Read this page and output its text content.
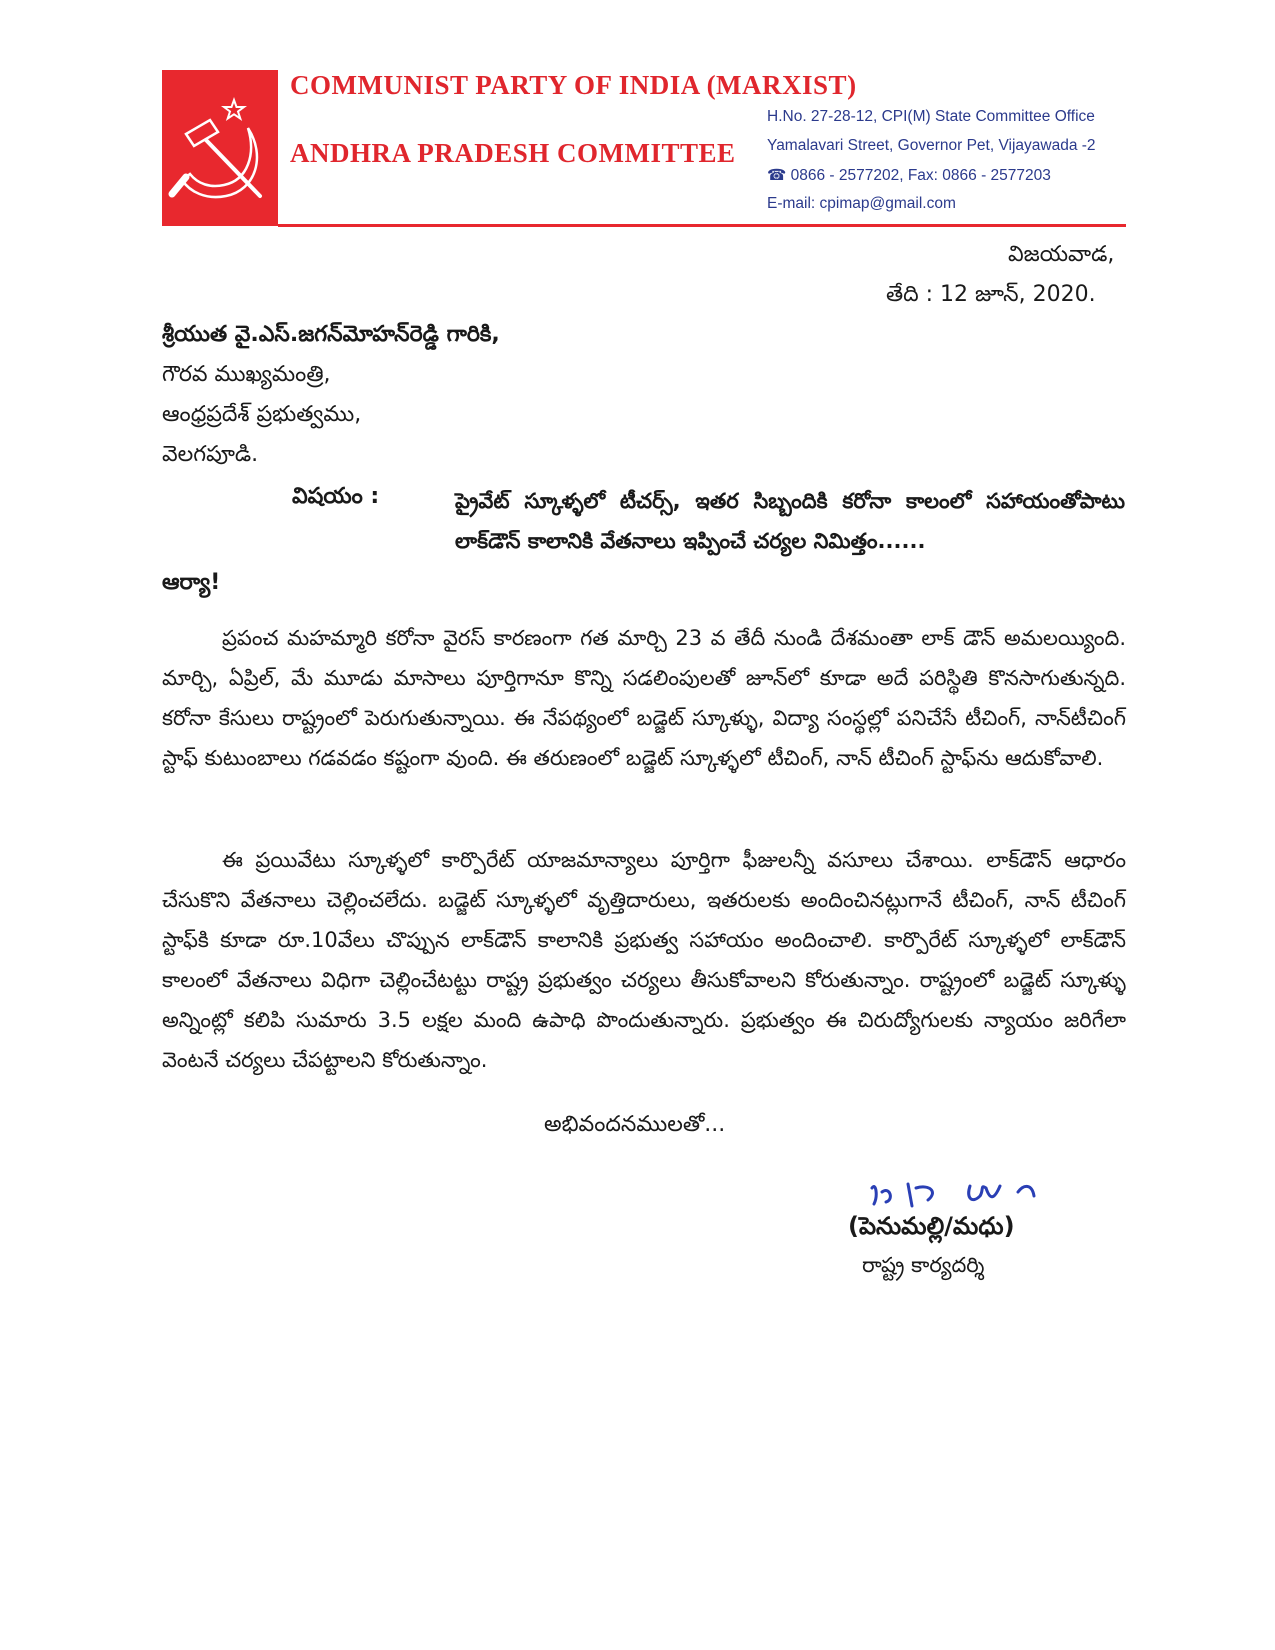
COMMUNIST PARTY OF INDIA (MARXIST)
ANDHRA PRADESH COMMITTEE
H.No. 27-28-12, CPI(M) State Committee Office
Yamalavari Street, Governor Pet, Vijayawada -2
☎ 0866 - 2577202, Fax: 0866 - 2577203
E-mail: cpimap@gmail.com
విజయవాడ,
తేది : 12 జూన్, 2020.
శ్రీయుత వై.ఎస్.జగన్‌మోహన్‌రెడ్డి గారికి,
గౌరవ ముఖ్యమంత్రి,
ఆంధ్రప్రదేశ్ ప్రభుత్వము,
వెలగపూడి.
విషయం :	ప్రైవేట్ స్కూళ్ళలో టీచర్స్, ఇతర సిబ్బందికి కరోనా కాలంలో సహాయంతోపాటు లాక్‌డౌన్ కాలానికి వేతనాలు ఇప్పించే చర్యల నిమిత్తం......
ఆర్యా!
ప్రపంచ మహమ్మారి కరోనా వైరస్ కారణంగా గత మార్చి 23 వ తేదీ నుండి దేశమంతా లాక్ డౌన్ అమలయ్యింది. మార్చి, ఏప్రిల్, మే మూడు మాసాలు పూర్తిగానూ కొన్ని సడలింపులతో జూన్‌లో కూడా అదే పరిస్థితి కొనసాగుతున్నది. కరోనా కేసులు రాష్ట్రంలో పెరుగుతున్నాయి. ఈ నేపథ్యంలో బడ్జెట్ స్కూళ్ళు, విద్యా సంస్థల్లో పనిచేసే టీచింగ్, నాన్‌టీచింగ్ స్టాఫ్ కుటుంబాలు గడవడం కష్టంగా వుంది. ఈ తరుణంలో బడ్జెట్ స్కూళ్ళలో టీచింగ్, నాన్ టీచింగ్ స్టాఫ్‌ను ఆదుకోవాలి.
ఈ ప్రయివేటు స్కూళ్ళలో కార్పొరేట్ యాజమాన్యాలు పూర్తిగా ఫీజులన్నీ వసూలు చేశాయి. లాక్‌డౌన్ ఆధారం చేసుకొని వేతనాలు చెల్లించలేదు. బడ్జెట్ స్కూళ్ళలో వృత్తిదారులు, ఇతరులకు అందించినట్లుగానే టీచింగ్, నాన్ టీచింగ్ స్టాఫ్‌కి కూడా రూ.10వేలు చొప్పున లాక్‌డౌన్ కాలానికి ప్రభుత్వ సహాయం అందించాలి. కార్పొరేట్ స్కూళ్ళలో లాక్‌డౌన్ కాలంలో వేతనాలు విధిగా చెల్లించేటట్టు రాష్ట్ర ప్రభుత్వం చర్యలు తీసుకోవాలని కోరుతున్నాం. రాష్ట్రంలో బడ్జెట్ స్కూళ్ళు అన్నింట్లో కలిపి సుమారు 3.5 లక్షల మంది ఉపాధి పొందుతున్నారు. ప్రభుత్వం ఈ చిరుద్యోగులకు న్యాయం జరిగేలా వెంటనే చర్యలు చేపట్టాలని కోరుతున్నాం.
అభివందనములతో...
(పెనుమల్లి/మధు)
రాష్ట్ర కార్యదర్శి
